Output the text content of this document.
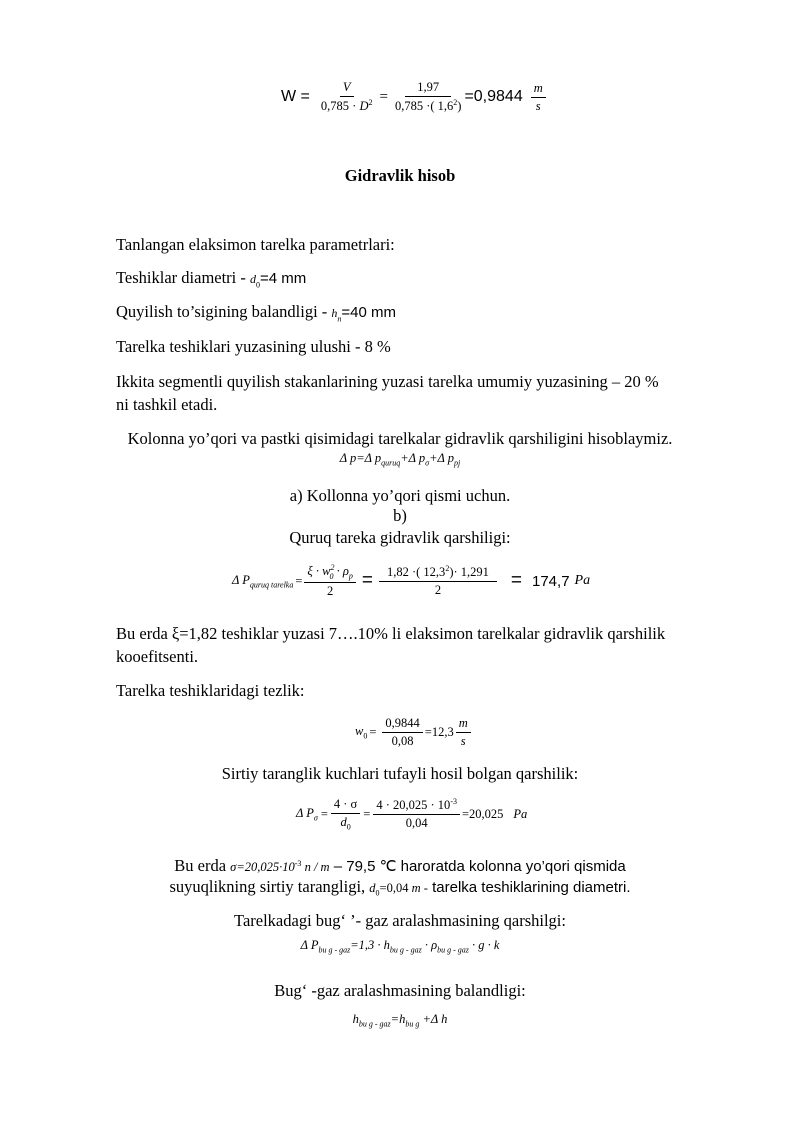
$W = \frac{V}{0,785 \cdot D^2} = \frac{1,97}{0,785 \cdot( 1,6^2)} =0,9844 \frac{m}{s}$
Gidravlik hisob
Tanlangan elaksimon tarelka parametrlari:
Teshiklar diametri - $d_0=4$ mm
Quyilish to’sigining balandligi - $h_n=40$ mm
Tarelka teshiklari yuzasining ulushi - 8 %
Ikkita segmentli quyilish stakanlarining yuzasi tarelka umumiy yuzasining – 20 %
ni tashkil etadi.
Kolonna yo’qori va pastki qisimidagi tarelkalar gidravlik qarshiligini hisoblaymiz.
Δ p=Δ $p_{quruq}+\Delta$ $p_\sigma+\Delta$ $p_{pj}$
a) Kollonna yo’qori qismi uchun.
b)
Quruq tareka gidravlik qarshiligi:
Δ $P_{quruq tarelka} = \frac{\xi \cdot w^2_0 \cdot \rho_p}{2} = \frac{1,82 \cdot( 12,3^2)\cdot 1,291}{2} = 174,7$ Pa
Bu erda ξ=1,82 teshiklar yuzasi 7….10% li elaksimon tarelkalar gidravlik qarshilik
kooefitsenti.
Tarelka teshiklaridagi tezlik:
$w_0 = \frac{0,9844}{0,08} =12,3 \frac{m}{s}$
Sirtiy taranglik kuchlari tufayli hosil bolgan qarshilik:
Δ $P_\sigma = \frac{4 \cdot \sigma}{d_0} = \frac{4 \cdot 20,025 \cdot 10^{-3}}{0,04} =20,025$ Pa
Bu erda $\sigma=20,025\cdot 10^{-3}$ n / m – 79,5 ℃ haroratda kolonna yo’qori qismida
suyuqlikning sirtiy tarangligi, $d_0=0,04$ m - tarelka teshiklarining diametri.
Tarelkadagi bug‘ ’- gaz aralashmasining qarshilgi:
Δ $P_{bu g - gaz}=1,3 \cdot h_{bu g - gaz} \cdot \rho_{bu g - gaz} \cdot g \cdot k$
Bug‘ -gaz aralashmasining balandligi:
$h_{bu g - gaz}=h_{bu g} +\Delta$ h
